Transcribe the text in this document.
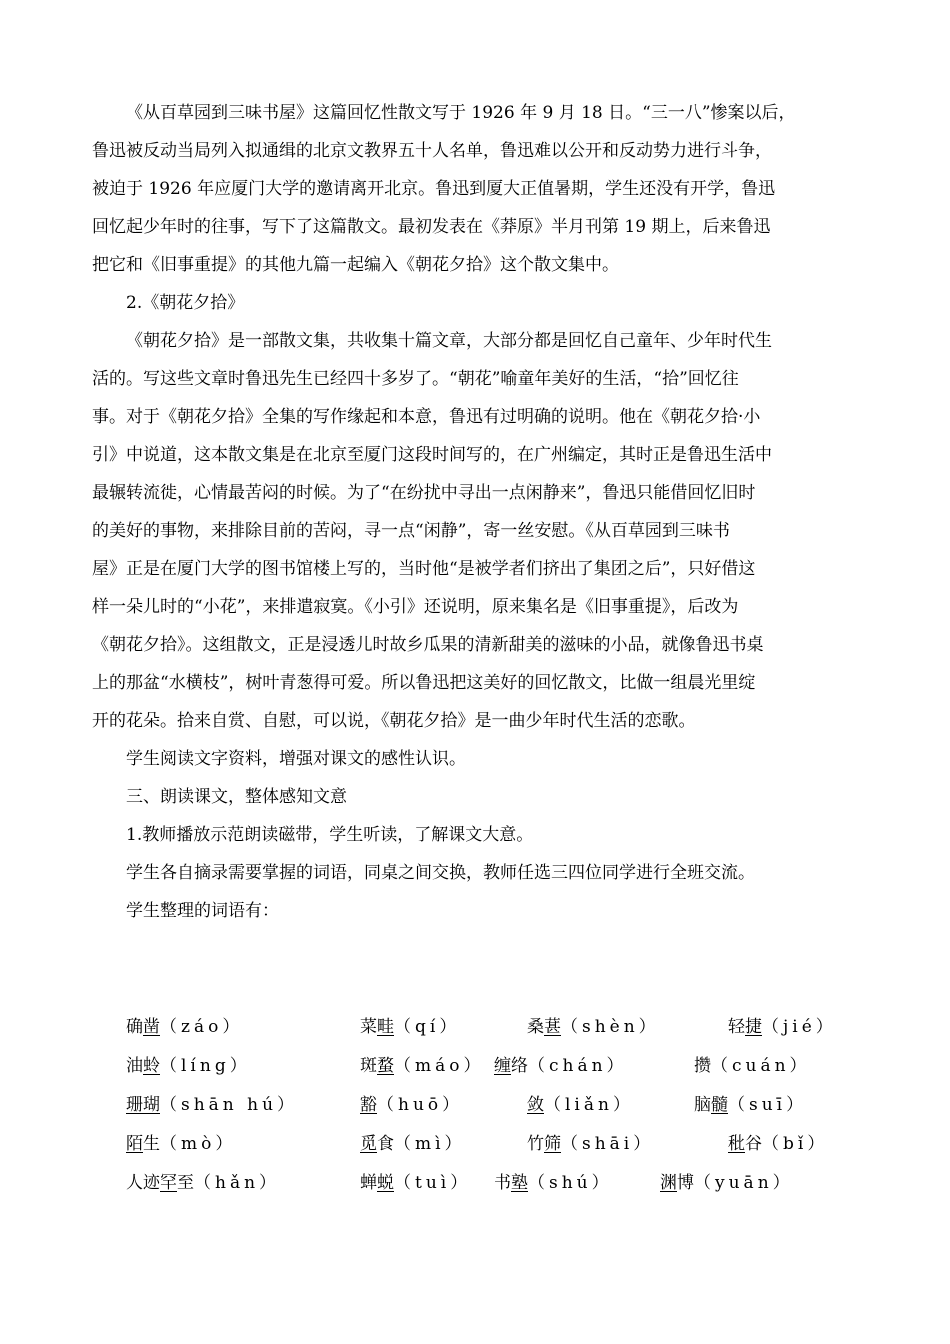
《从百草园到三味书屋》这篇回忆性散文写于 1926 年 9 月 18 日。“三一八”惨案以后，
鲁迅被反动当局列入拟通缉的北京文教界五十人名单，鲁迅难以公开和反动势力进行斗争，
被迫于 1926 年应厦门大学的邀请离开北京。鲁迅到厦大正值暑期，学生还没有开学，鲁迅
回忆起少年时的往事，写下了这篇散文。最初发表在《莽原》半月刊第 19 期上，后来鲁迅
把它和《旧事重提》的其他九篇一起编入《朝花夕拾》这个散文集中。
2.《朝花夕拾》
《朝花夕拾》是一部散文集，共收集十篇文章，大部分都是回忆自己童年、少年时代生
活的。写这些文章时鲁迅先生已经四十多岁了。“朝花”喻童年美好的生活，“拾”回忆往
事。对于《朝花夕拾》全集的写作缘起和本意，鲁迅有过明确的说明。他在《朝花夕拾·小
引》中说道，这本散文集是在北京至厦门这段时间写的，在广州编定，其时正是鲁迅生活中
最辗转流徙，心情最苦闷的时候。为了“在纷扰中寻出一点闲静来”，鲁迅只能借回忆旧时
的美好的事物，来排除目前的苦闷，寻一点“闲静”，寄一丝安慰。《从百草园到三味书
屋》正是在厦门大学的图书馆楼上写的，当时他“是被学者们挤出了集团之后”，只好借这
样一朵儿时的“小花”，来排遣寂寞。《小引》还说明，原来集名是《旧事重提》，后改为
《朝花夕拾》。这组散文，正是浸透儿时故乡瓜果的清新甜美的滋味的小品，就像鲁迅书桌
上的那盆“水横枝”，树叶青葱得可爱。所以鲁迅把这美好的回忆散文，比做一组晨光里绽
开的花朵。拾来自赏、自慰，可以说，《朝花夕拾》是一曲少年时代生活的恋歌。
学生阅读文字资料，增强对课文的感性认识。
三、朗读课文，整体感知文意
1.教师播放示范朗读磁带，学生听读，了解课文大意。
学生各自摘录需要掌握的词语，同桌之间交换，教师任选三四位同学进行全班交流。
学生整理的词语有：
确凿（záo）	菜畦（qí）	桑葚（shèn）	轻捷（jié）
油蛉（líng）	斑蝥（máo） 缠络（chán）	攒（cuán）
珊瑚（shān hú）	豁（huō）	敛（liǎn）	脑髓（suī）
陌生（mò）	觅食（mì）	竹筛（shāi）	秕谷（bǐ）
人迹罕至（hǎn）	蝉蜕（tuì） 书塾（shú）	渊博（yuān）
